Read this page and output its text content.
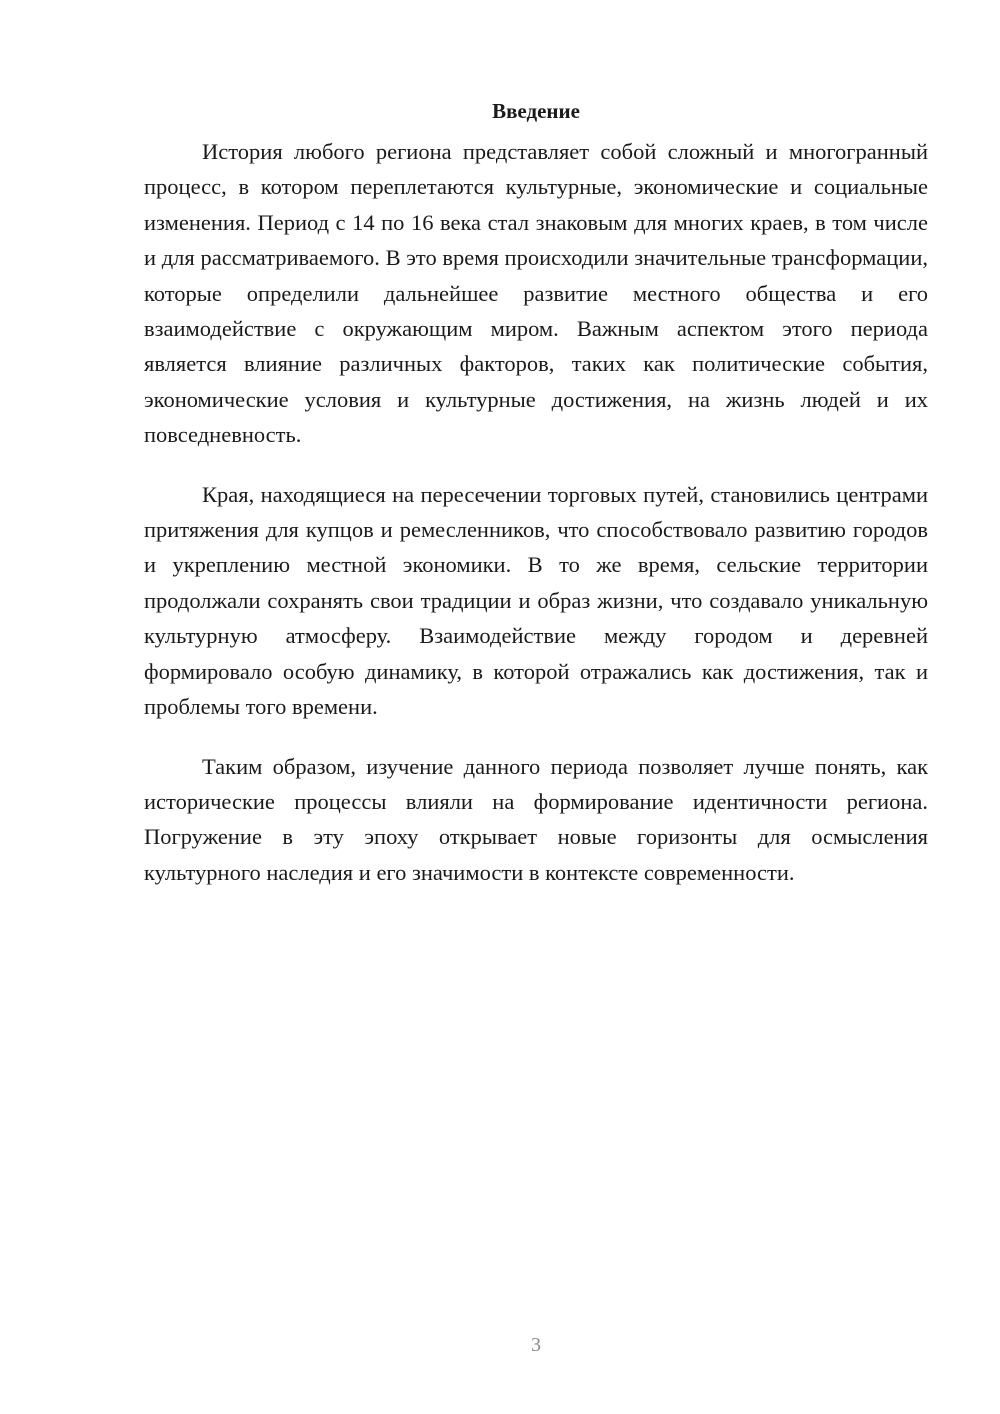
Введение

История любого региона представляет собой сложный и многогранный процесс, в котором переплетаются культурные, экономические и социальные изменения. Период с 14 по 16 века стал знаковым для многих краев, в том числе и для рассматриваемого. В это время происходили значительные трансформации, которые определили дальнейшее развитие местного общества и его взаимодействие с окружающим миром. Важным аспектом этого периода является влияние различных факторов, таких как политические события, экономические условия и культурные достижения, на жизнь людей и их повседневность.

Края, находящиеся на пересечении торговых путей, становились центрами притяжения для купцов и ремесленников, что способствовало развитию городов и укреплению местной экономики. В то же время, сельские территории продолжали сохранять свои традиции и образ жизни, что создавало уникальную культурную атмосферу. Взаимодействие между городом и деревней формировало особую динамику, в которой отражались как достижения, так и проблемы того времени.

Таким образом, изучение данного периода позволяет лучше понять, как исторические процессы влияли на формирование идентичности региона. Погружение в эту эпоху открывает новые горизонты для осмысления культурного наследия и его значимости в контексте современности.

3
